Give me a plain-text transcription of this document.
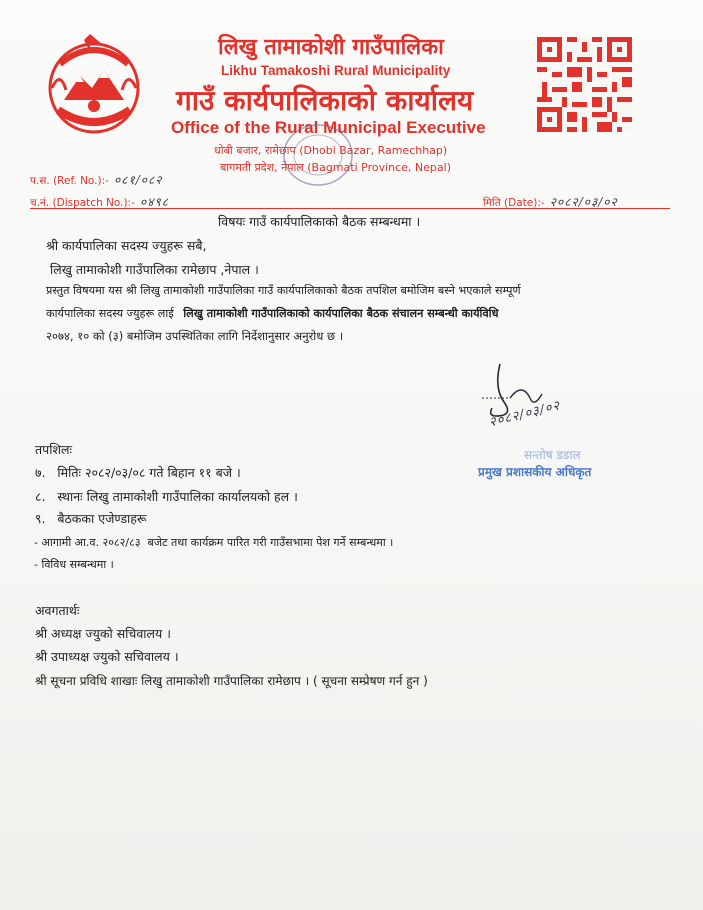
लिखु तामाकोशी गाउँपालिका
Likhu Tamakoshi Rural Municipality
गाउँ कार्यपालिकाको कार्यालय
Office of the Rural Municipal Executive
धोबी बजार, रामेछाप (Dhobi Bazar, Ramechhap)
बागमती प्रदेश, नेपाल (Bagmati Province, Nepal)
प.स. (Ref. No.):- ०८१/०८२
च.नं. (Dispatch No.):- ०४९८	मिति (Date):- २०८२/०३/०२
विषयः गाउँ कार्यपालिकाको बैठक सम्बन्धमा ।
श्री कार्यपालिका सदस्य ज्युहरू सबै,
लिखु तामाकोशी गाउँपालिका रामेछाप ,नेपाल ।
प्रस्तुत विषयमा यस श्री लिखु तामाकोशी गाउँपालिका गाउँ कार्यपालिकाको बैठक तपशिल बमोजिम बस्ने भएकाले सम्पूर्ण
कार्यपालिका सदस्य ज्युहरू लाई लिखु तामाकोशी गाउँपालिकाको कार्यपालिका बैठक संचालन सम्बन्धी कार्यविधि
२०७४, १० को (३) बमोजिम उपस्थितिका लागि निर्देशानुसार अनुरोध छ ।
२०८२/०३/०२
सन्तोष डडाल
प्रमुख प्रशासकीय अधिकृत
तपशिलः
७.   मितिः २०८२/०३/०८ गते बिहान ११ बजे ।
८.   स्थानः लिखु तामाकोशी गाउँपालिका कार्यालयको हल ।
९.   बैठकका एजेण्डाहरू
- आगामी आ.व. २०८२/८३  बजेट तथा कार्यक्रम पारित गरी गाउँसभामा पेश गर्ने सम्बन्धमा ।
- विविध सम्बन्धमा ।
अवगतार्थः
श्री अध्यक्ष ज्युको सचिवालय ।
श्री उपाध्यक्ष ज्युको सचिवालय ।
श्री सूचना प्रविधि शाखाः लिखु तामाकोशी गाउँपालिका रामेछाप । ( सूचना सम्प्रेषण गर्न हुन )
